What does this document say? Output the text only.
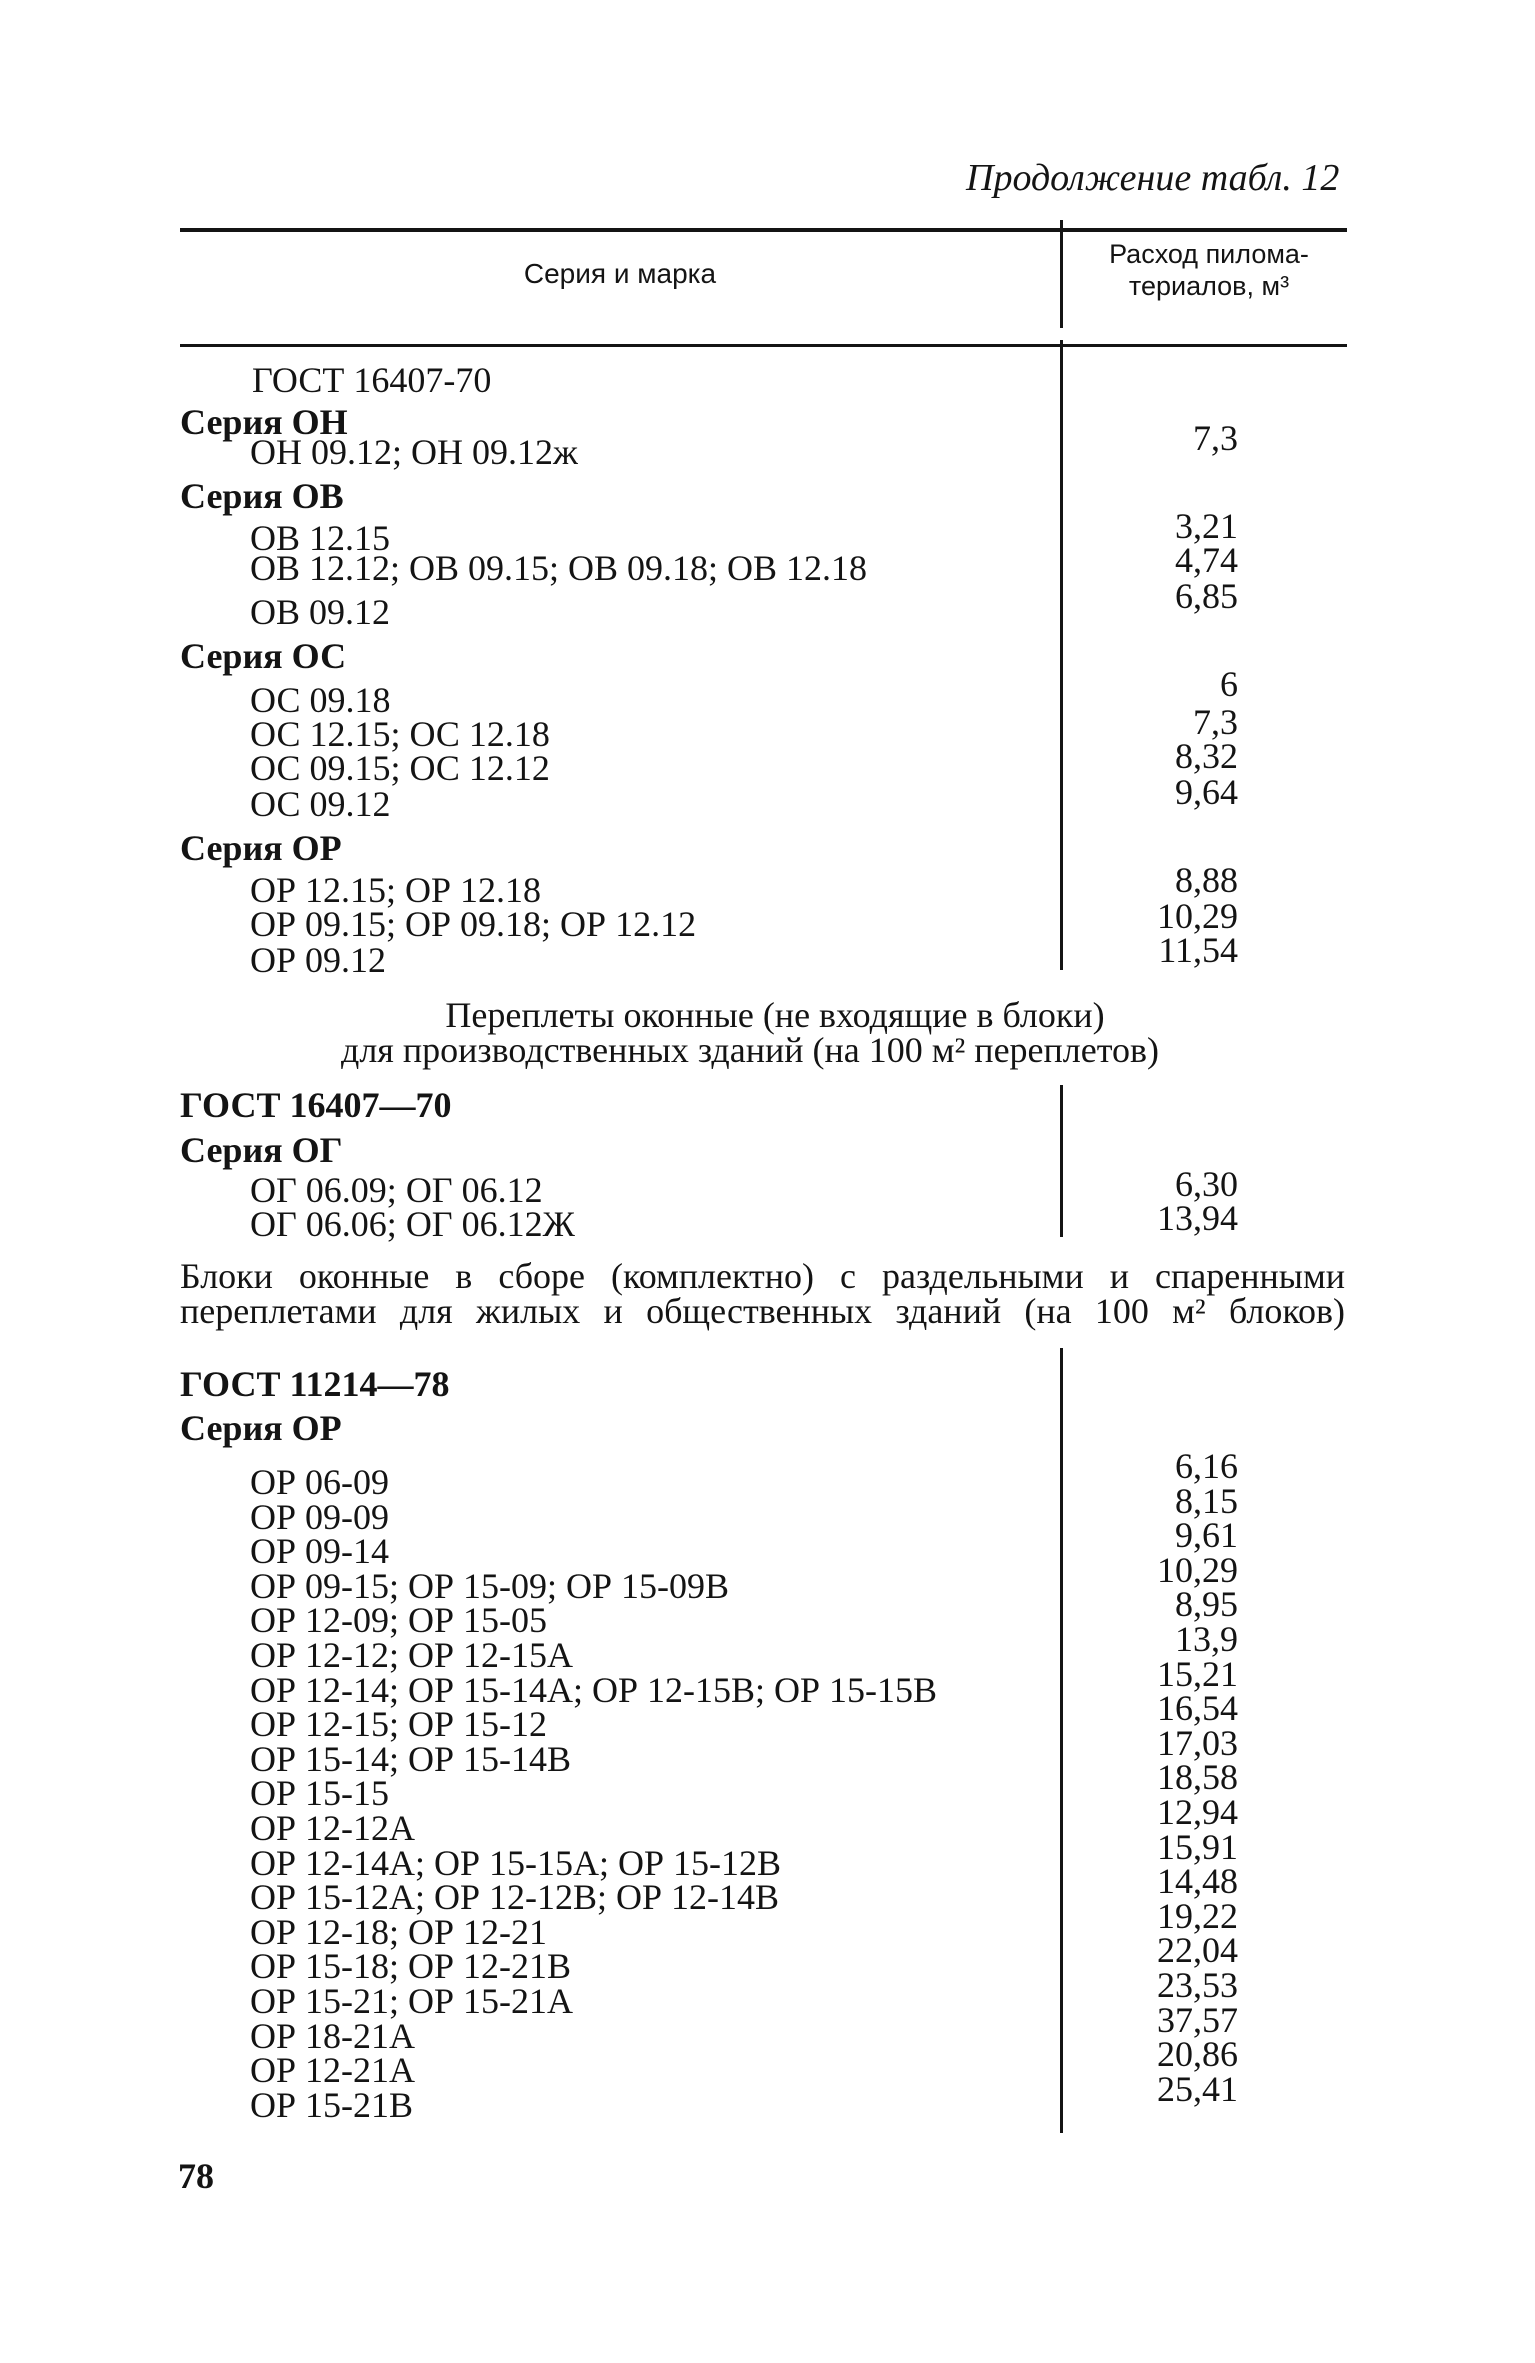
Продолжение табл. 12
Серия и марка
Расход пилома-
териалов, м³
ГОСТ 16407-70
Серия ОН
ОН 09.12; ОН 09.12ж	7,3
Серия ОВ
ОВ 12.15	3,21
ОВ 12.12; ОВ 09.15; ОВ 09.18; ОВ 12.18	4,74
ОВ 09.12	6,85
Серия ОС
ОС 09.18	6
ОС 12.15; ОС 12.18	7,3
ОС 09.15; ОС 12.12	8,32
ОС 09.12	9,64
Серия ОР
ОР 12.15; ОР 12.18	8,88
ОР 09.15; ОР 09.18; ОР 12.12	10,29
ОР 09.12	11,54
Переплеты оконные (не входящие в блоки)
для производственных зданий (на 100 м² переплетов)
ГОСТ 16407—70
Серия ОГ
ОГ 06.09; ОГ 06.12	6,30
ОГ 06.06; ОГ 06.12Ж	13,94
Блоки оконные в сборе (комплектно) с раздельными и спаренными
переплетами для жилых и общественных зданий (на 100 м² блоков)
ГОСТ 11214—78
Серия ОР
ОР 06-09	6,16
ОР 09-09	8,15
ОР 09-14	9,61
ОР 09-15; ОР 15-09; ОР 15-09В	10,29
ОР 12-09; ОР 15-05	8,95
ОР 12-12; ОР 12-15А	13,9
ОР 12-14; ОР 15-14А; ОР 12-15В; ОР 15-15В	15,21
ОР 12-15; ОР 15-12	16,54
ОР 15-14; ОР 15-14В	17,03
ОР 15-15	18,58
ОР 12-12А	12,94
ОР 12-14А; ОР 15-15А; ОР 15-12В	15,91
ОР 15-12А; ОР 12-12В; ОР 12-14В	14,48
ОР 12-18; ОР 12-21	19,22
ОР 15-18; ОР 12-21В	22,04
ОР 15-21; ОР 15-21А	23,53
ОР 18-21А	37,57
ОР 12-21А	20,86
ОР 15-21В	25,41
78
